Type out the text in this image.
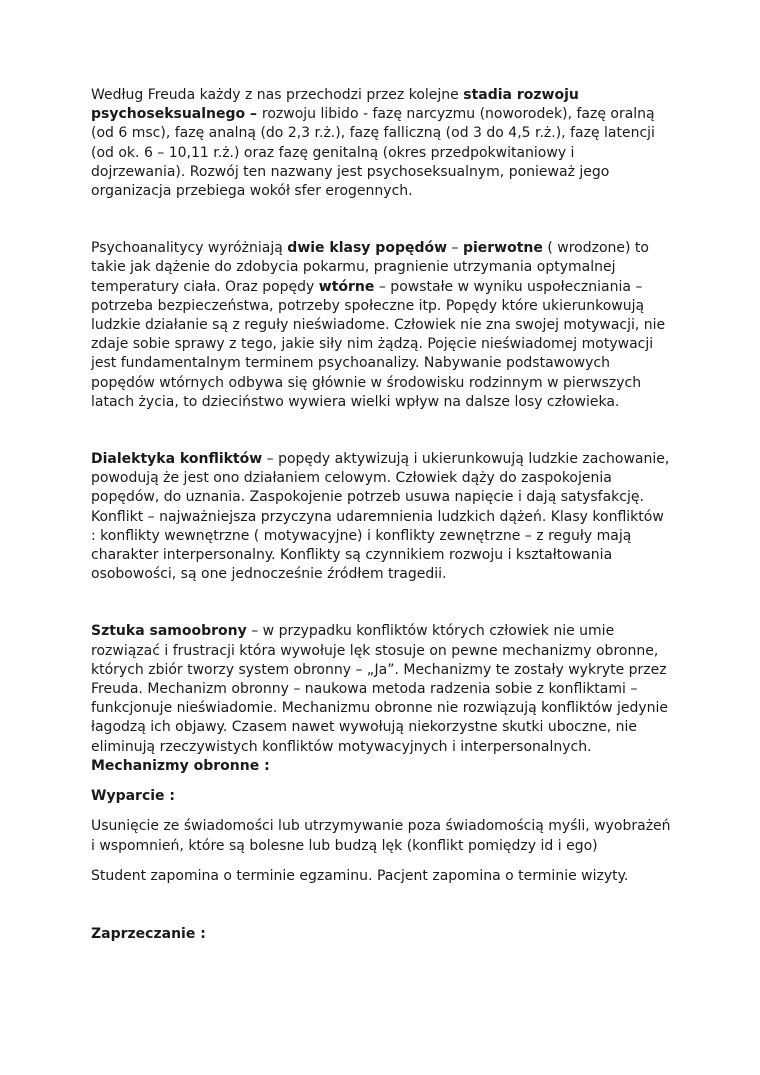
Według Freuda każdy z nas przechodzi przez kolejne stadia rozwoju psychoseksualnego – rozwoju libido - fazę narcyzmu (noworodek), fazę oralną (od 6 msc), fazę analną (do 2,3 r.ż.), fazę falliczną (od 3 do 4,5 r.ż.), fazę latencji (od ok. 6 – 10,11 r.ż.) oraz fazę genitalną (okres przedpokwitaniowy i dojrzewania). Rozwój ten nazwany jest psychoseksualnym, ponieważ jego organizacja przebiega wokół sfer erogennych.

Psychoanalitycy wyróżniają dwie klasy popędów – pierwotne ( wrodzone) to takie jak dążenie do zdobycia pokarmu, pragnienie utrzymania optymalnej temperatury ciała. Oraz popędy wtórne – powstałe w wyniku uspołeczniania – potrzeba bezpieczeństwa, potrzeby społeczne itp. Popędy które ukierunkowują ludzkie działanie są z reguły nieświadome. Człowiek nie zna swojej motywacji, nie zdaje sobie sprawy z tego, jakie siły nim żądzą. Pojęcie nieświadomej motywacji jest fundamentalnym terminem psychoanalizy. Nabywanie podstawowych popędów wtórnych odbywa się głównie w środowisku rodzinnym w pierwszych latach życia, to dzieciństwo wywiera wielki wpływ na dalsze losy człowieka.

Dialektyka konfliktów – popędy aktywizują i ukierunkowują ludzkie zachowanie, powodują że jest ono działaniem celowym. Człowiek dąży do zaspokojenia popędów, do uznania. Zaspokojenie potrzeb usuwa napięcie i dają satysfakcję. Konflikt – najważniejsza przyczyna udaremnienia ludzkich dążeń. Klasy konfliktów : konflikty wewnętrzne ( motywacyjne) i konflikty zewnętrzne – z reguły mają charakter interpersonalny. Konflikty są czynnikiem rozwoju i kształtowania osobowości, są one jednocześnie źródłem tragedii.

Sztuka samoobrony – w przypadku konfliktów których człowiek nie umie rozwiązać i frustracji która wywołuje lęk stosuje on pewne mechanizmy obronne, których zbiór tworzy system obronny – „Ja”. Mechanizmy te zostały wykryte przez Freuda. Mechanizm obronny – naukowa metoda radzenia sobie z konfliktami – funkcjonuje nieświadomie. Mechanizmu obronne nie rozwiązują konfliktów jedynie łagodzą ich objawy. Czasem nawet wywołują niekorzystne skutki uboczne, nie eliminują rzeczywistych konfliktów motywacyjnych i interpersonalnych. Mechanizmy obronne :

Wyparcie :

Usunięcie ze świadomości lub utrzymywanie poza świadomością myśli, wyobrażeń i wspomnień, które są bolesne lub budzą lęk (konflikt pomiędzy id i ego)

Student zapomina o terminie egzaminu. Pacjent zapomina o terminie wizyty.

Zaprzeczanie :
